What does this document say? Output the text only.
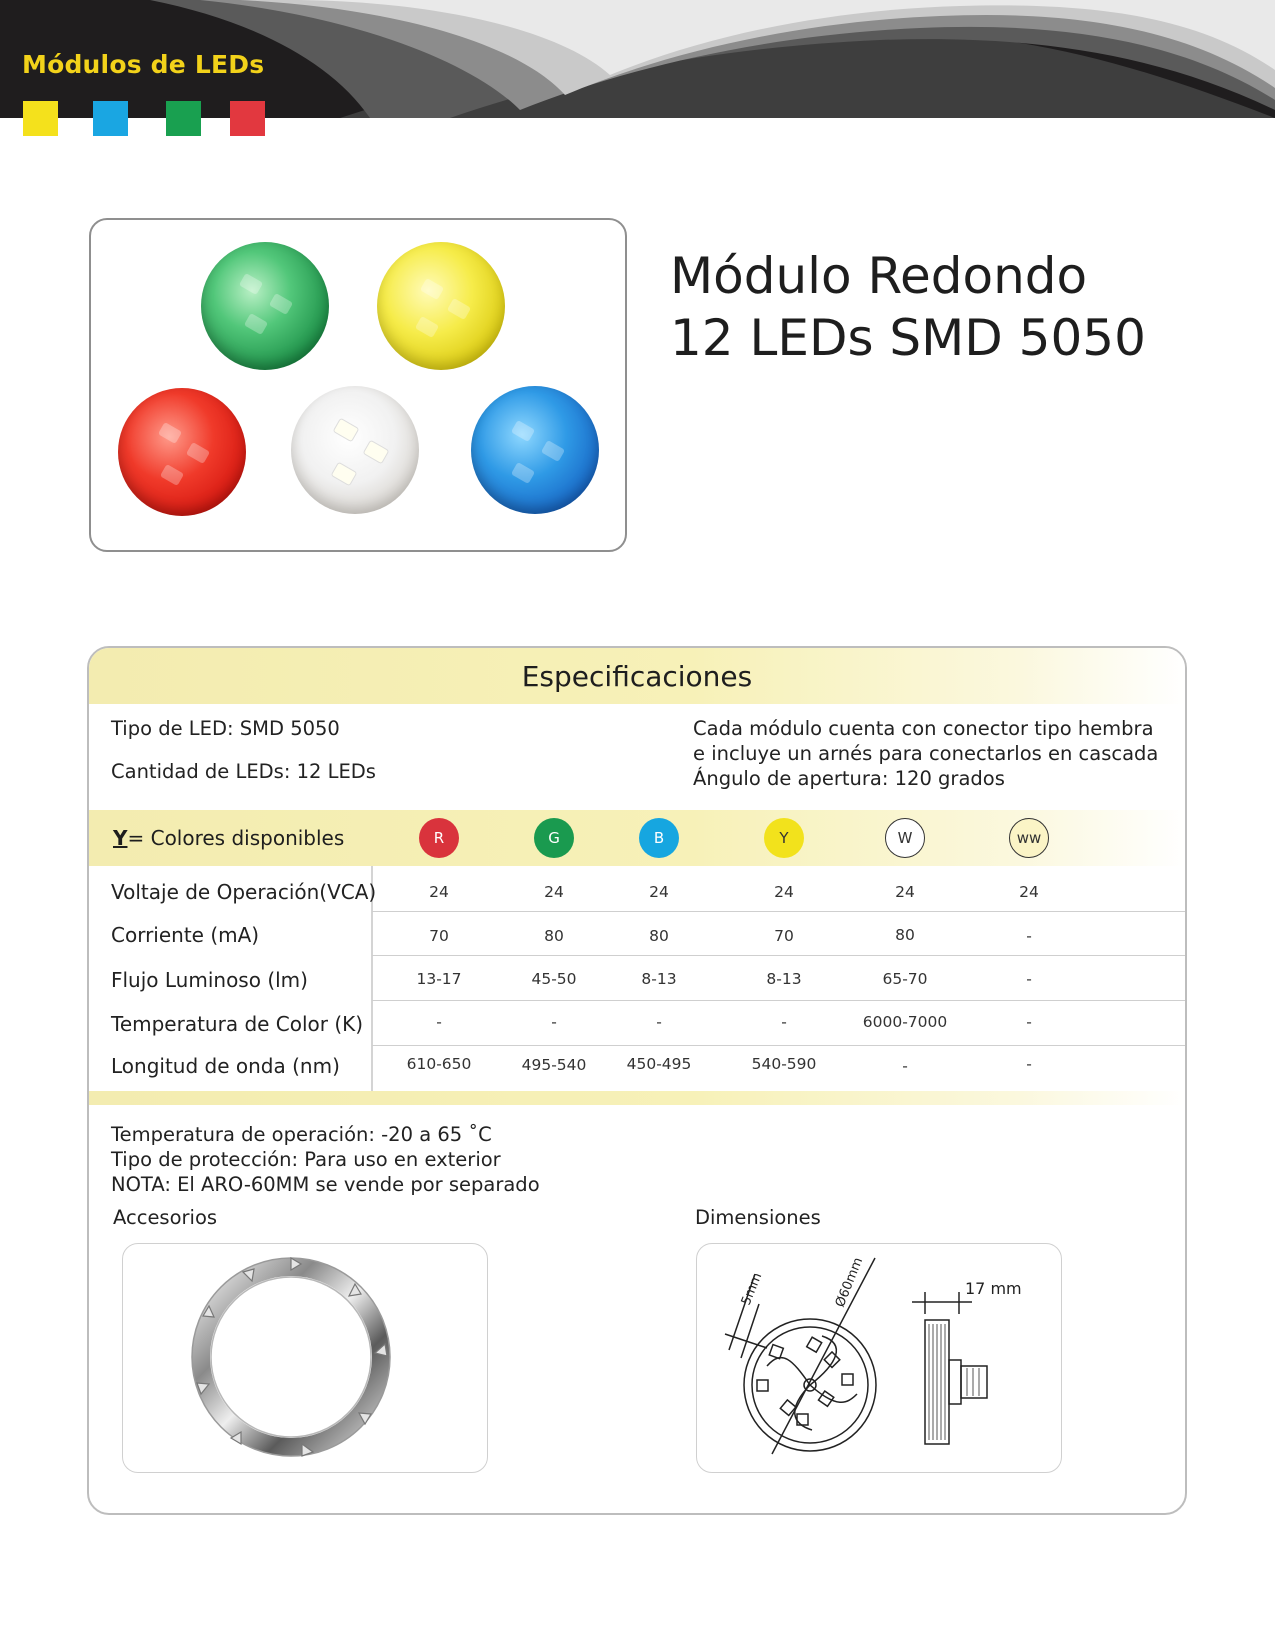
Módulos de LEDs
Módulo Redondo
12 LEDs SMD 5050
Especificaciones
Tipo de LED: SMD 5050
Cantidad de LEDs: 12 LEDs
Cada módulo cuenta con conector tipo hembra
e incluye un arnés para conectarlos en cascada
Ángulo de apertura: 120 grados
Y= Colores disponibles	R	G	B	Y	W	ww
Voltaje de Operación(VCA)	24	24	24	24	24	24
Corriente (mA)	70	80	80	70	80	-
Flujo Luminoso (lm)	13-17	45-50	8-13	8-13	65-70	-
Temperatura de Color (K)	-	-	-	-	6000-7000	-
Longitud de onda (nm)	610-650	495-540	450-495	540-590	-	-
Temperatura de operación: -20 a 65 ˚C
Tipo de protección: Para uso en exterior
NOTA: El ARO-60MM se vende por separado
Accesorios	Dimensiones
5mm	Ø60mm	17 mm
